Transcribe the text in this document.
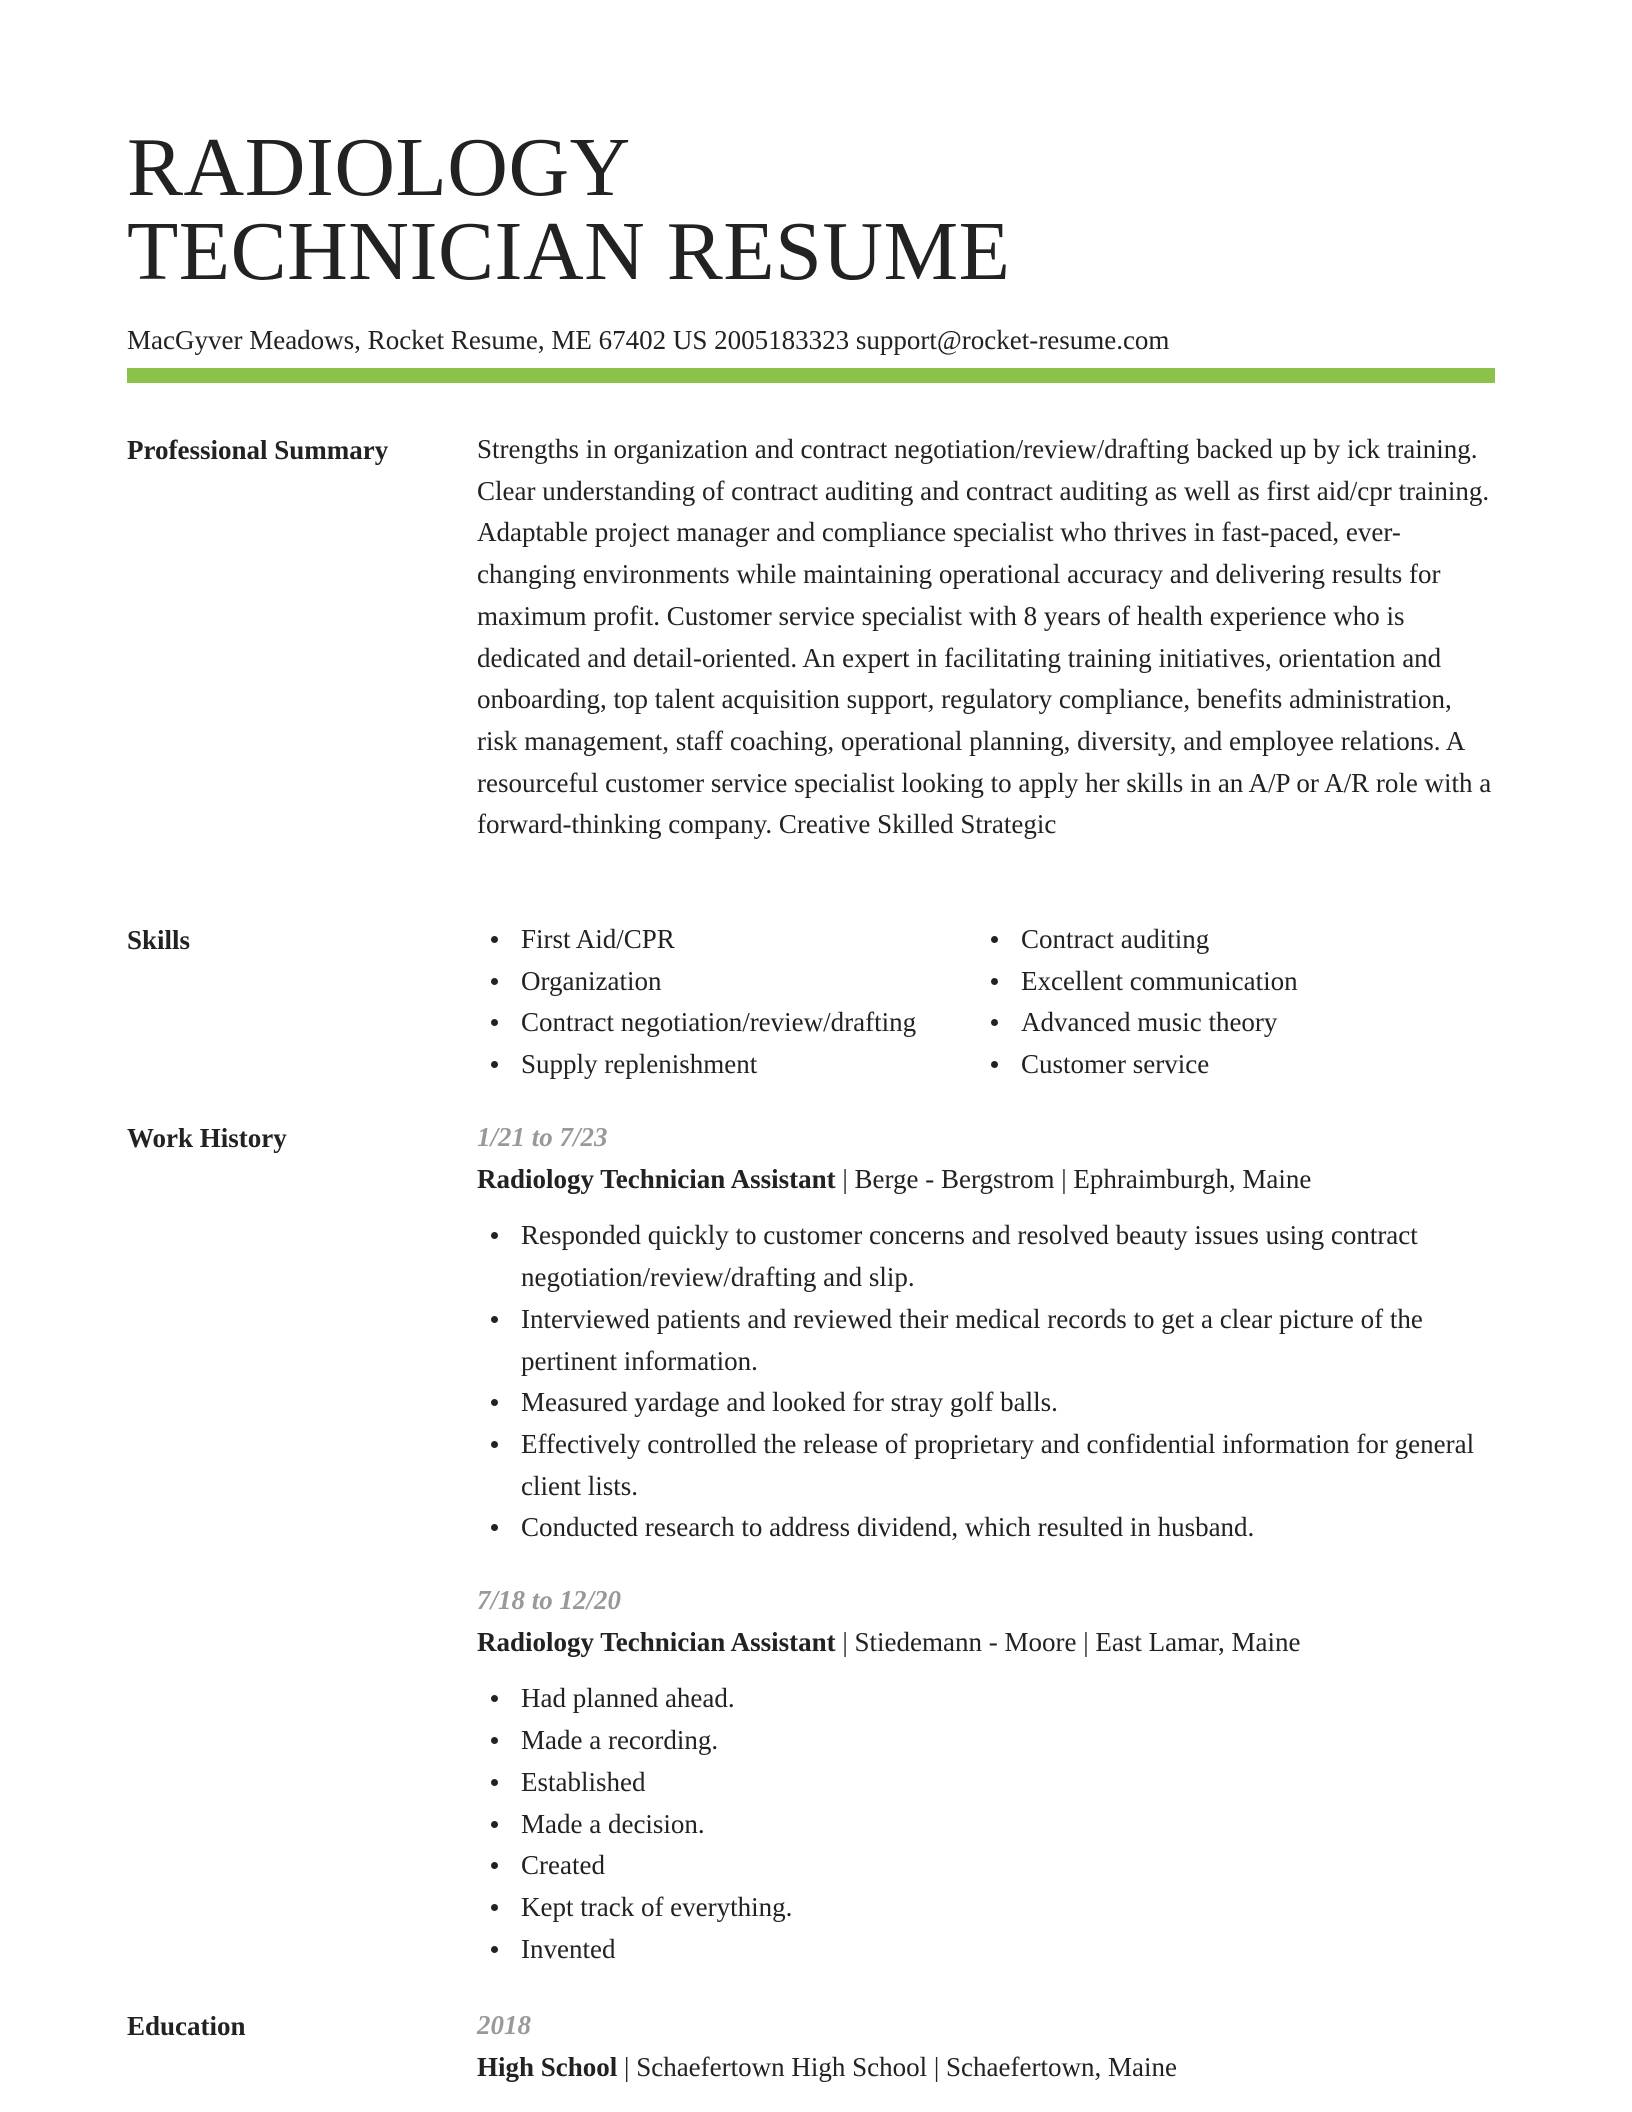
RADIOLOGY
TECHNICIAN RESUME
MacGyver Meadows, Rocket Resume, ME 67402 US 2005183323 support@rocket-resume.com
Professional Summary	Strengths in organization and contract negotiation/review/drafting backed up by ick training. Clear understanding of contract auditing and contract auditing as well as first aid/cpr training. Adaptable project manager and compliance specialist who thrives in fast-paced, ever-changing environments while maintaining operational accuracy and delivering results for maximum profit. Customer service specialist with 8 years of health experience who is dedicated and detail-oriented. An expert in facilitating training initiatives, orientation and onboarding, top talent acquisition support, regulatory compliance, benefits administration, risk management, staff coaching, operational planning, diversity, and employee relations. A resourceful customer service specialist looking to apply her skills in an A/P or A/R role with a forward-thinking company. Creative Skilled Strategic

Skills	First Aid/CPR
Organization
Contract negotiation/review/drafting
Supply replenishment
Contract auditing
Excellent communication
Advanced music theory
Customer service
Work History	1/21 to 7/23
Radiology Technician Assistant | Berge - Bergstrom | Ephraimburgh, Maine
Responded quickly to customer concerns and resolved beauty issues using contract negotiation/review/drafting and slip.
Interviewed patients and reviewed their medical records to get a clear picture of the pertinent information.
Measured yardage and looked for stray golf balls.
Effectively controlled the release of proprietary and confidential information for general client lists.
Conducted research to address dividend, which resulted in husband.
7/18 to 12/20
Radiology Technician Assistant | Stiedemann - Moore | East Lamar, Maine
Had planned ahead.
Made a recording.
Established
Made a decision.
Created
Kept track of everything.
Invented
Education	2018
High School | Schaefertown High School | Schaefertown, Maine
